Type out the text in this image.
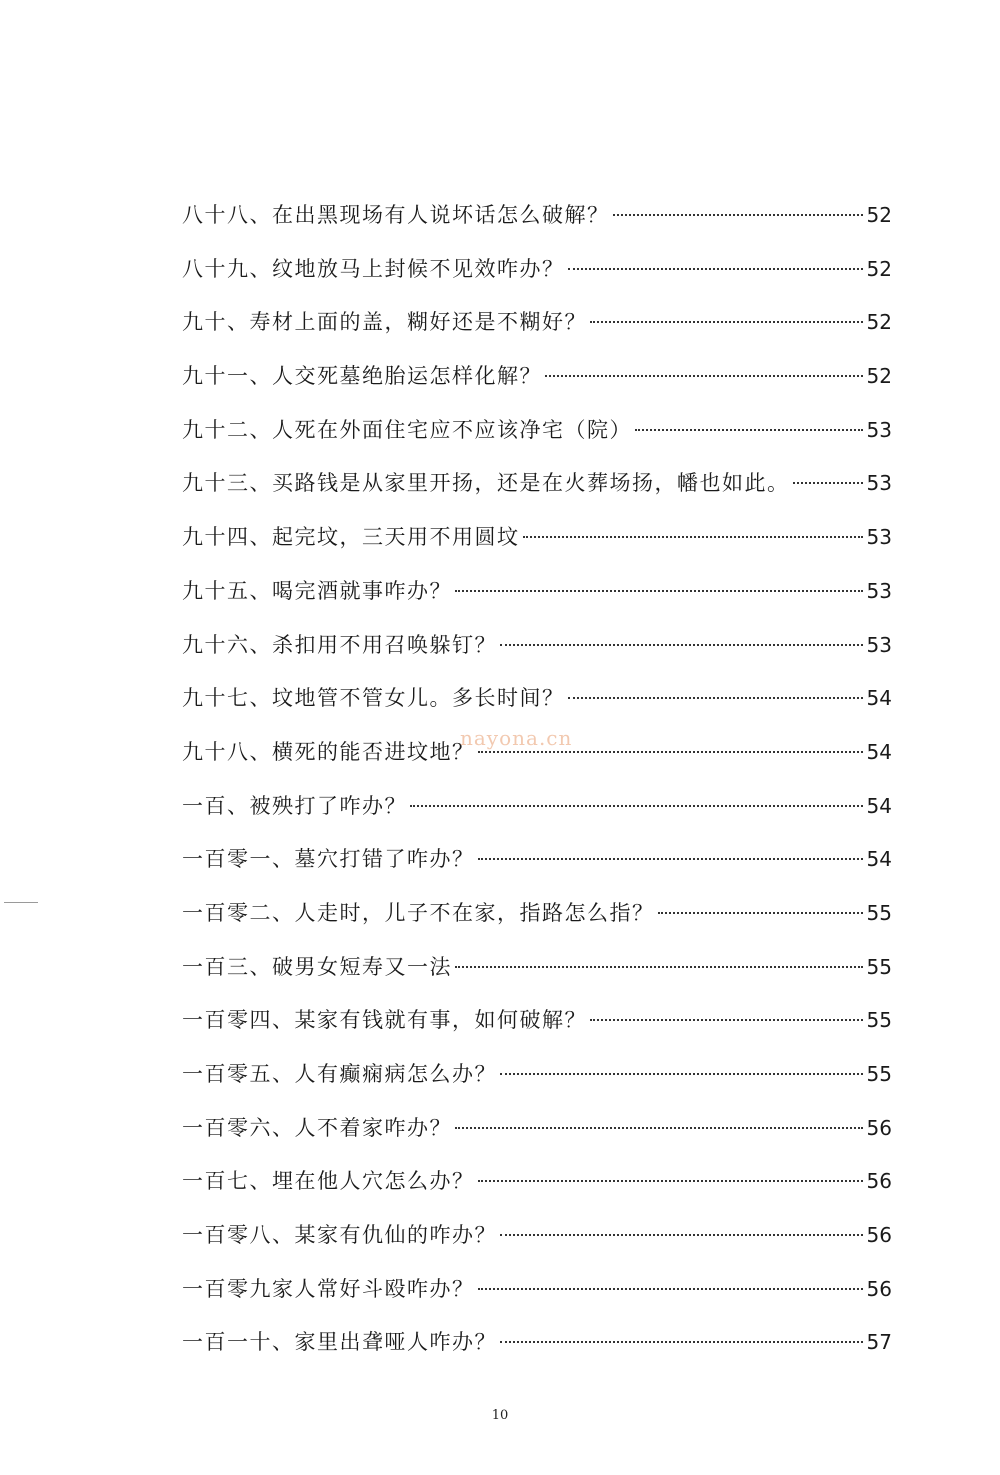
八十八、在出黑现场有人说坏话怎么破解？	52
八十九、纹地放马上封候不见效咋办？	52
九十、寿材上面的盖，糊好还是不糊好？	52
九十一、人交死墓绝胎运怎样化解？	52
九十二、人死在外面住宅应不应该净宅（院）	53
九十三、买路钱是从家里开扬，还是在火葬场扬，幡也如此。	53
九十四、起完坟，三天用不用圆坟	53
九十五、喝完酒就事咋办？	53
九十六、杀扣用不用召唤躲钉？	53
九十七、坟地管不管女儿。多长时间？	54
九十八、横死的能否进坟地？	54
一百、被殃打了咋办？	54
一百零一、墓穴打错了咋办？	54
一百零二、人走时，儿子不在家，指路怎么指？	55
一百三、破男女短寿又一法	55
一百零四、某家有钱就有事，如何破解？	55
一百零五、人有癫痫病怎么办？	55
一百零六、人不着家咋办？	56
一百七、埋在他人穴怎么办？	56
一百零八、某家有仇仙的咋办？	56
一百零九家人常好斗殴咋办？	56
一百一十、家里出聋哑人咋办？	57
nayona.cn
10
